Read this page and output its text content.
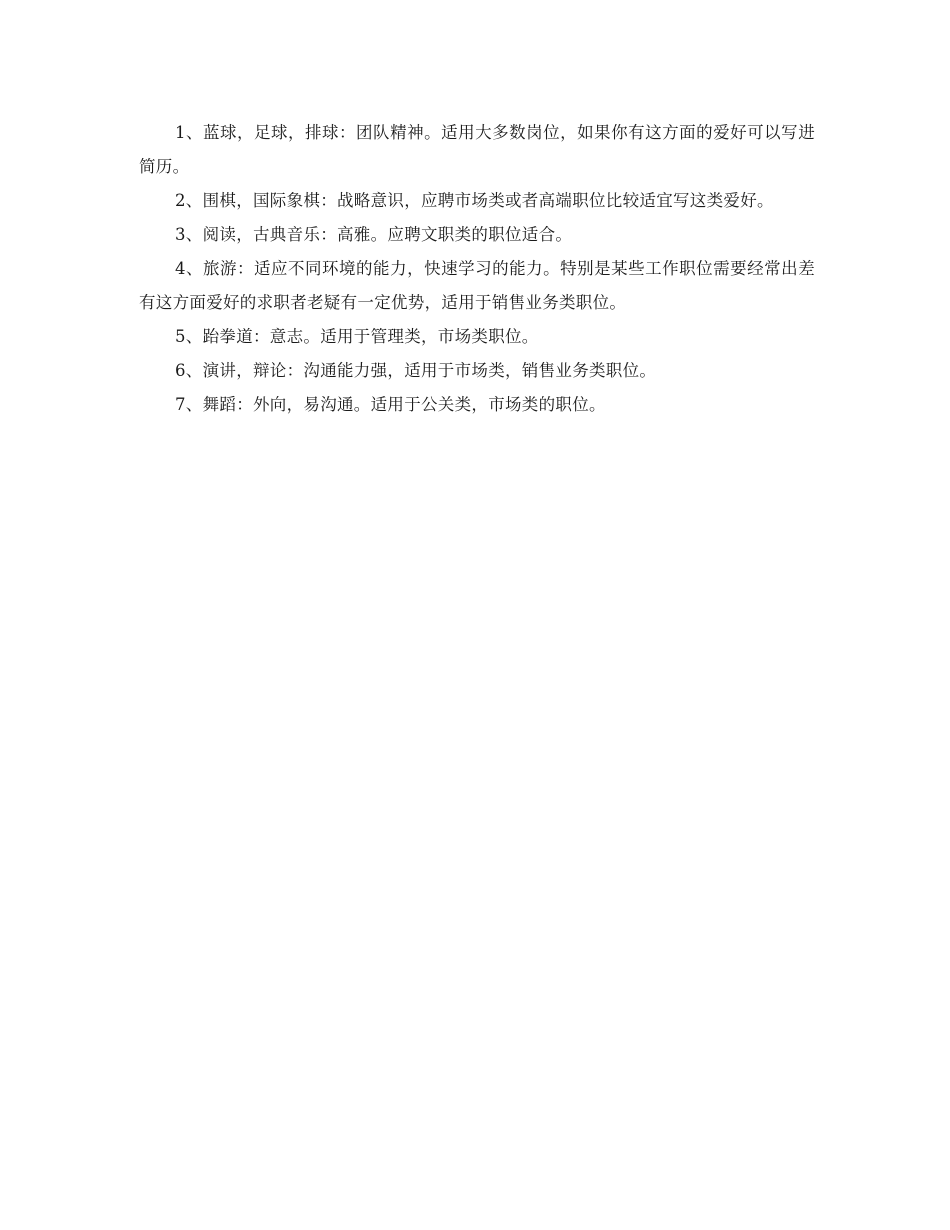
1、蓝球，足球，排球：团队精神。适用大多数岗位，如果你有这方面的爱好可以写进简历。

2、围棋，国际象棋：战略意识，应聘市场类或者高端职位比较适宜写这类爱好。

3、阅读，古典音乐：高雅。应聘文职类的职位适合。

4、旅游：适应不同环境的能力，快速学习的能力。特别是某些工作职位需要经常出差有这方面爱好的求职者老疑有一定优势，适用于销售业务类职位。

5、跆拳道：意志。适用于管理类，市场类职位。

6、演讲，辩论：沟通能力强，适用于市场类，销售业务类职位。

7、舞蹈：外向，易沟通。适用于公关类，市场类的职位。
